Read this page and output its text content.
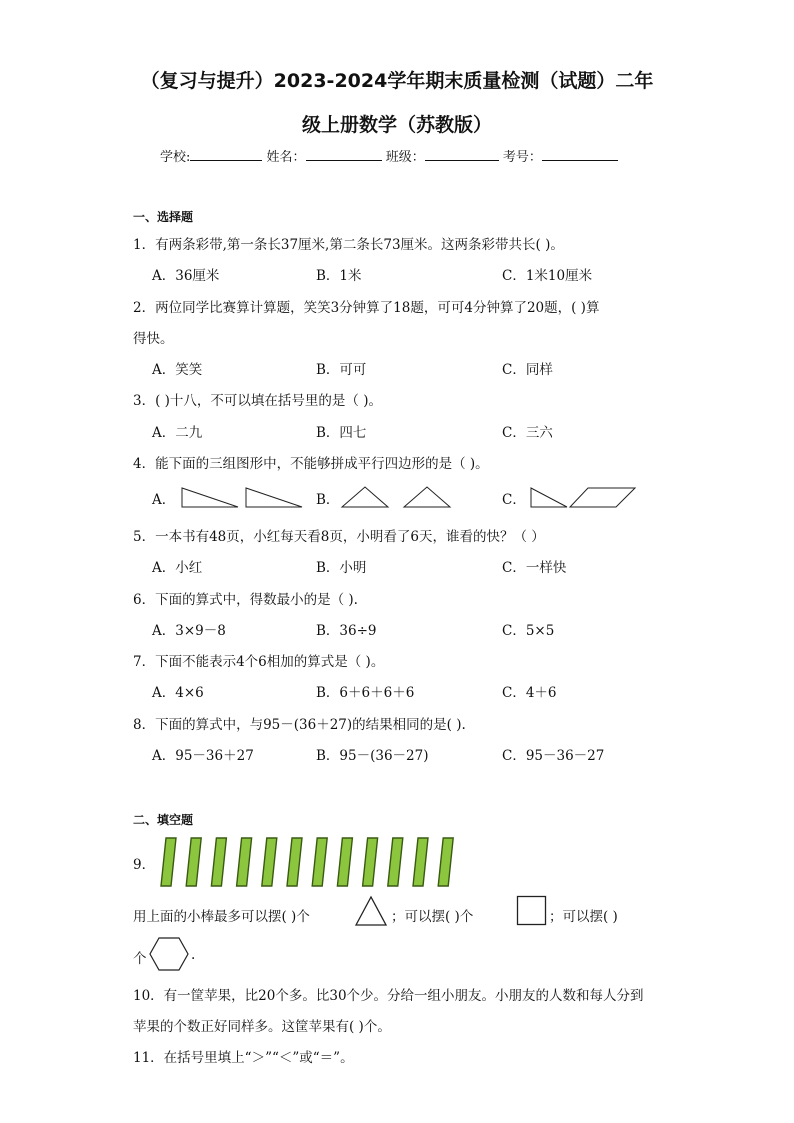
（复习与提升）2023-2024学年期末质量检测（试题）二年
级上册数学（苏教版）
学校:	姓名：	班级：	考号：
一、选择题
1．有两条彩带,第一条长37厘米,第二条长73厘米。这两条彩带共长( )。
A．36厘米	B．1米	C．1米10厘米
2．两位同学比赛算计算题，笑笑3分钟算了18题，可可4分钟算了20题，( )算
得快。
A．笑笑	B．可可	C．同样
3．( )十八，不可以填在括号里的是（ )。
A．二九	B．四七	C．三六
4．能下面的三组图形中，不能够拼成平行四边形的是（ )。
A．	B．	C．
5．一本书有48页，小红每天看8页，小明看了6天，谁看的快？（ ）
A．小红	B．小明	C．一样快
6．下面的算式中，得数最小的是（ ).
A．3×9－8	B．36÷9	C．5×5
7．下面不能表示4个6相加的算式是（ )。
A．4×6	B．6＋6＋6＋6	C．4＋6
8．下面的算式中，与95－(36＋27)的结果相同的是( ).
A．95－36＋27	B．95－(36－27)	C．95－36－27
二、填空题
9．
用上面的小棒最多可以摆( )个	；可以摆( )个	；可以摆( )
个	.
10．有一筐苹果，比20个多。比30个少。分给一组小朋友。小朋友的人数和每人分到
苹果的个数正好同样多。这筐苹果有( )个。
11．在括号里填上“＞”“＜”或“＝”。
